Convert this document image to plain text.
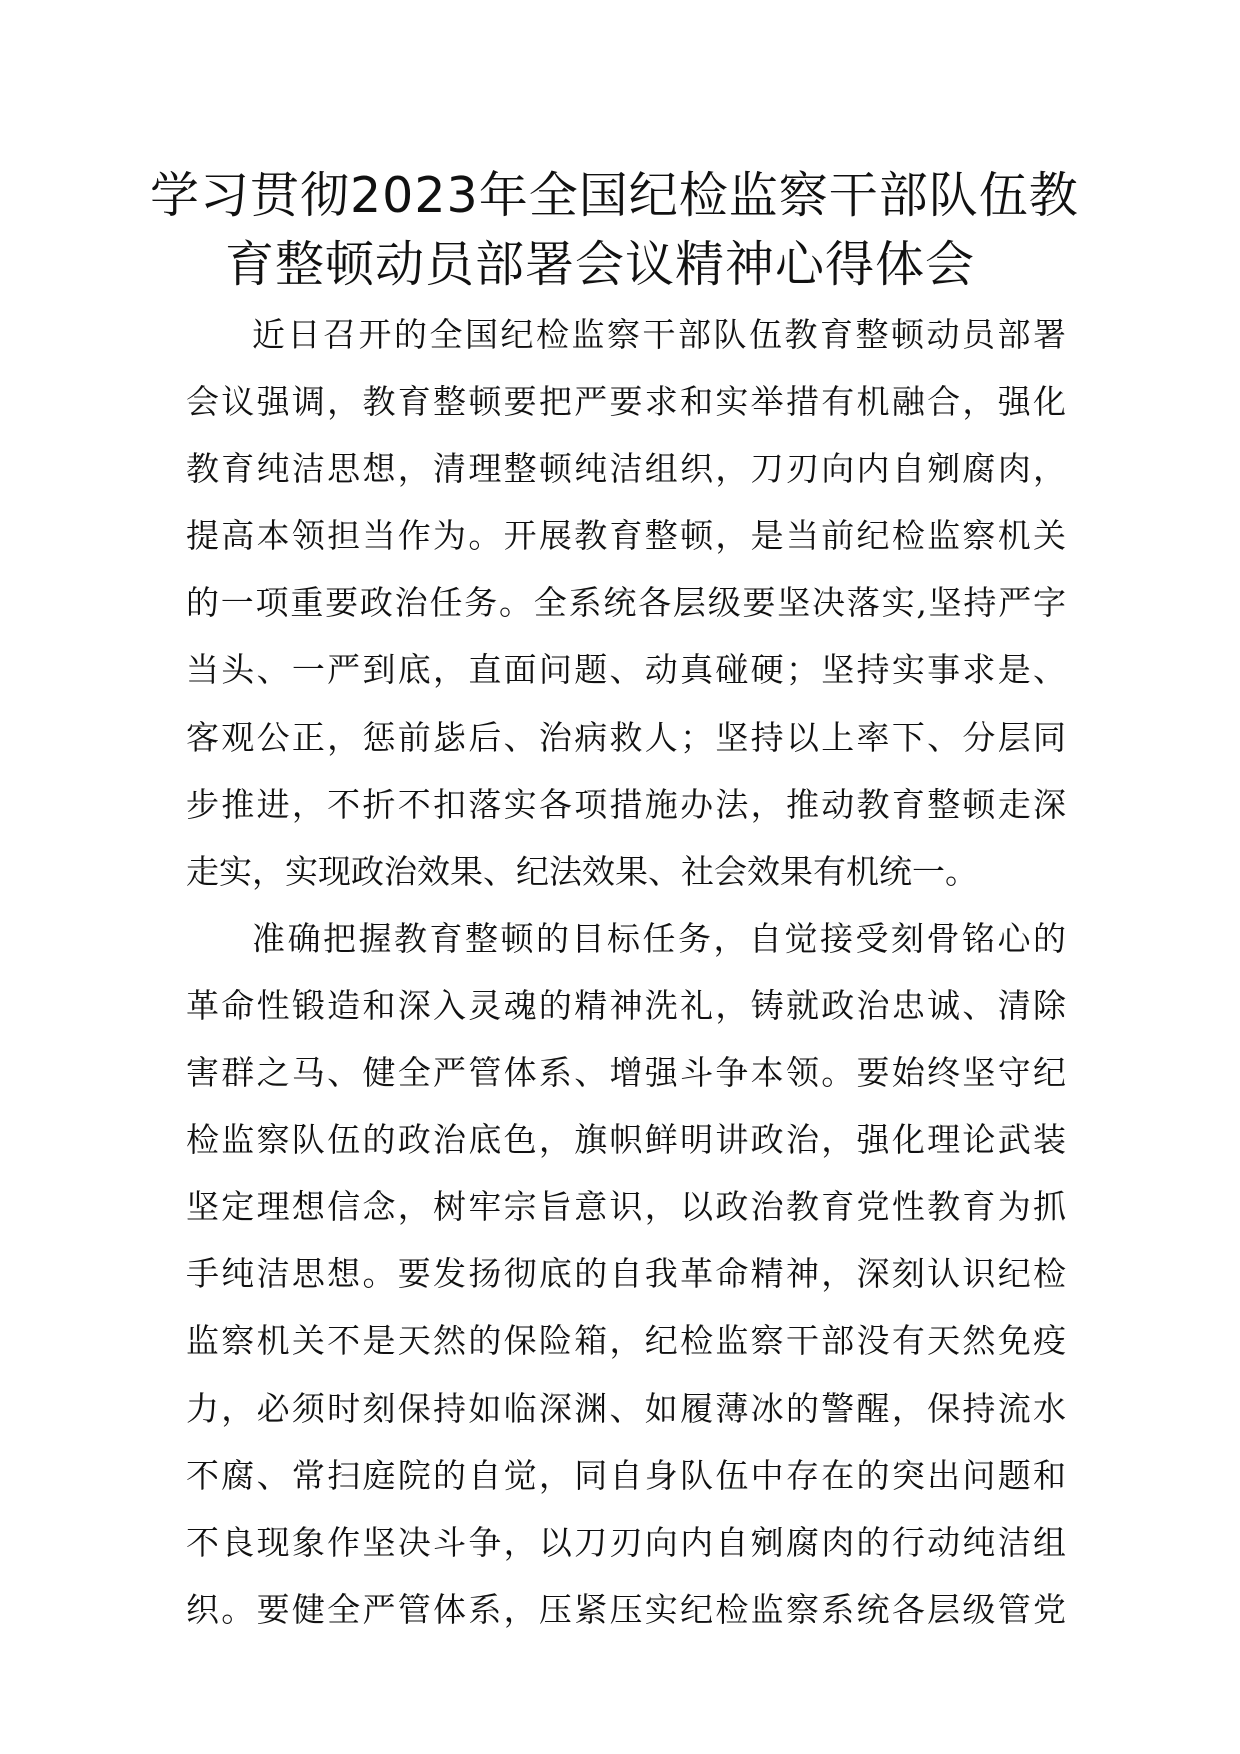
学习贯彻2023年全国纪检监察干部队伍教
育整顿动员部署会议精神心得体会

近日召开的全国纪检监察干部队伍教育整顿动员部署
会议强调，教育整顿要把严要求和实举措有机融合，强化
教育纯洁思想，清理整顿纯洁组织，刀刃向内自剜腐肉，
提高本领担当作为。开展教育整顿，是当前纪检监察机关
的一项重要政治任务。全系统各层级要坚决落实,坚持严字
当头、一严到底，直面问题、动真碰硬；坚持实事求是、
客观公正，惩前毖后、治病救人；坚持以上率下、分层同
步推进，不折不扣落实各项措施办法，推动教育整顿走深
走实，实现政治效果、纪法效果、社会效果有机统一。

准确把握教育整顿的目标任务，自觉接受刻骨铭心的
革命性锻造和深入灵魂的精神洗礼，铸就政治忠诚、清除
害群之马、健全严管体系、增强斗争本领。要始终坚守纪
检监察队伍的政治底色，旗帜鲜明讲政治，强化理论武装
坚定理想信念，树牢宗旨意识，以政治教育党性教育为抓
手纯洁思想。要发扬彻底的自我革命精神，深刻认识纪检
监察机关不是天然的保险箱，纪检监察干部没有天然免疫
力，必须时刻保持如临深渊、如履薄冰的警醒，保持流水
不腐、常扫庭院的自觉，同自身队伍中存在的突出问题和
不良现象作坚决斗争，以刀刃向内自剜腐肉的行动纯洁组
织。要健全严管体系，压紧压实纪检监察系统各层级管党
